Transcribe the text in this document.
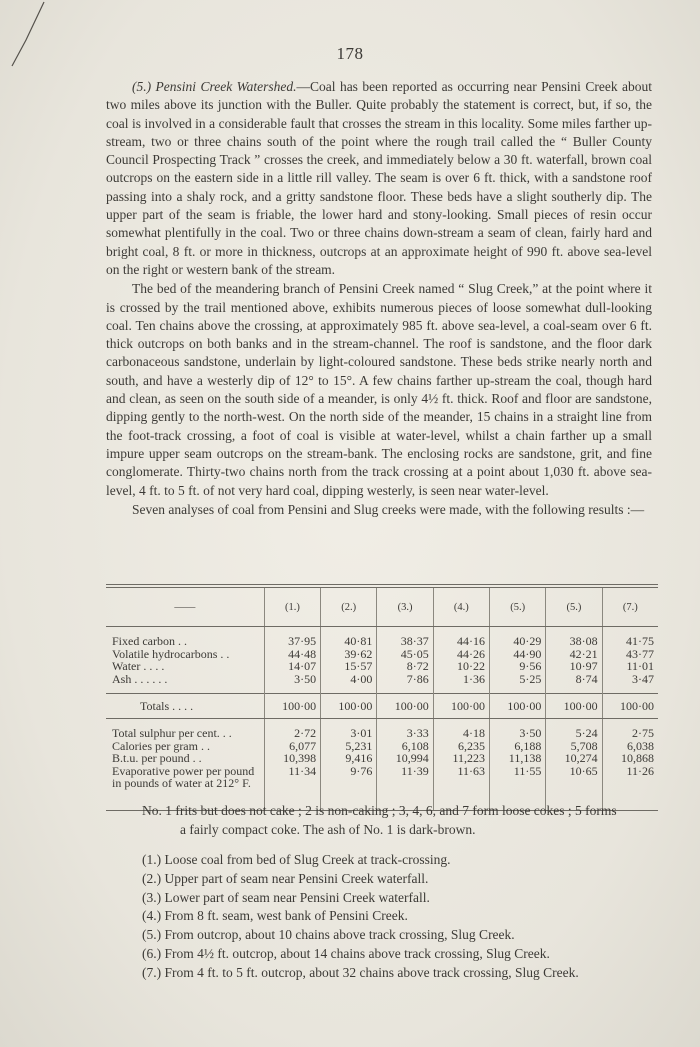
178

(5.) Pensini Creek Watershed.—Coal has been reported as occurring near Pensini Creek about two miles above its junction with the Buller. Quite probably the statement is correct, but, if so, the coal is involved in a considerable fault that crosses the stream in this locality. Some miles farther up-stream, two or three chains south of the point where the rough trail called the “ Buller County Council Prospecting Track ” crosses the creek, and immediately below a 30 ft. waterfall, brown coal outcrops on the eastern side in a little rill valley. The seam is over 6 ft. thick, with a sandstone roof passing into a shaly rock, and a gritty sandstone floor. These beds have a slight southerly dip. The upper part of the seam is friable, the lower hard and stony-looking. Small pieces of resin occur somewhat plentifully in the coal. Two or three chains down-stream a seam of clean, fairly hard and bright coal, 8 ft. or more in thickness, outcrops at an approximate height of 990 ft. above sea-level on the right or western bank of the stream.

The bed of the meandering branch of Pensini Creek named “ Slug Creek,” at the point where it is crossed by the trail mentioned above, exhibits numerous pieces of loose somewhat dull-looking coal. Ten chains above the crossing, at approximately 985 ft. above sea-level, a coal-seam over 6 ft. thick outcrops on both banks and in the stream-channel. The roof is sandstone, and the floor dark carbonaceous sandstone, underlain by light-coloured sandstone. These beds strike nearly north and south, and have a westerly dip of 12° to 15°. A few chains farther up-stream the coal, though hard and clean, as seen on the south side of a meander, is only 4½ ft. thick. Roof and floor are sandstone, dipping gently to the north-west. On the north side of the meander, 15 chains in a straight line from the foot-track crossing, a foot of coal is visible at water-level, whilst a chain farther up a small impure upper seam outcrops on the stream-bank. The enclosing rocks are sandstone, grit, and fine conglomerate. Thirty-two chains north from the track crossing at a point about 1,030 ft. above sea-level, 4 ft. to 5 ft. of not very hard coal, dipping westerly, is seen near water-level.

Seven analyses of coal from Pensini and Slug creeks were made, with the following results :—

——	(1.)	(2.)	(3.)	(4.)	(5.)	(5.)	(7.)

Fixed carbon . .	37·95	40·81	38·37	44·16	40·29	38·08	41·75
Volatile hydrocarbons . .	44·48	39·62	45·05	44·26	44·90	42·21	43·77
Water . . . .	14·07	15·57	8·72	10·22	9·56	10·97	11·01
Ash . . . . . .	3·50	4·00	7·86	1·36	5·25	8·74	3·47

Totals . . . .	100·00	100·00	100·00	100·00	100·00	100·00	100·00

Total sulphur per cent. . .	2·72	3·01	3·33	4·18	3·50	5·24	2·75
Calories per gram . .	6,077	5,231	6,108	6,235	6,188	5,708	6,038
B.t.u. per pound . .	10,398	9,416	10,994	11,223	11,138	10,274	10,868
Evaporative power per pound in pounds of water at 212° F.	11·34	9·76	11·39	11·63	11·55	10·65	11·26

No. 1 frits but does not cake ; 2 is non-caking ; 3, 4, 6, and 7 form loose cokes ; 5 forms

a fairly compact coke. The ash of No. 1 is dark-brown.

(1.) Loose coal from bed of Slug Creek at track-crossing.
(2.) Upper part of seam near Pensini Creek waterfall.
(3.) Lower part of seam near Pensini Creek waterfall.
(4.) From 8 ft. seam, west bank of Pensini Creek.
(5.) From outcrop, about 10 chains above track crossing, Slug Creek.
(6.) From 4½ ft. outcrop, about 14 chains above track crossing, Slug Creek.
(7.) From 4 ft. to 5 ft. outcrop, about 32 chains above track crossing, Slug Creek.
